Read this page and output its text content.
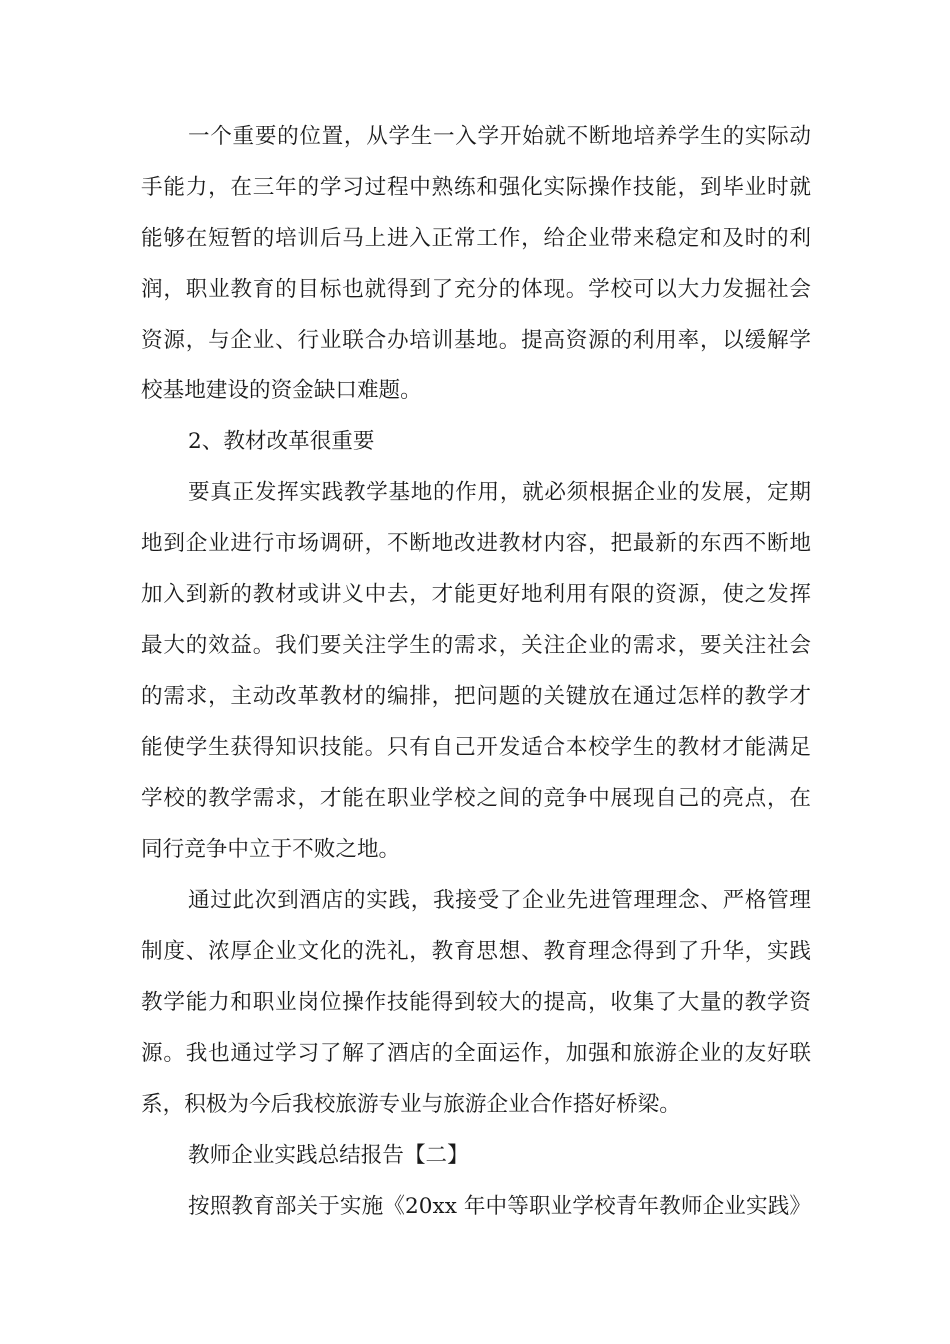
一个重要的位置，从学生一入学开始就不断地培养学生的实际动
手能力，在三年的学习过程中熟练和强化实际操作技能，到毕业时就
能够在短暂的培训后马上进入正常工作，给企业带来稳定和及时的利
润，职业教育的目标也就得到了充分的体现。学校可以大力发掘社会
资源，与企业、行业联合办培训基地。提高资源的利用率，以缓解学
校基地建设的资金缺口难题。
2、教材改革很重要
要真正发挥实践教学基地的作用，就必须根据企业的发展，定期
地到企业进行市场调研，不断地改进教材内容，把最新的东西不断地
加入到新的教材或讲义中去，才能更好地利用有限的资源，使之发挥
最大的效益。我们要关注学生的需求，关注企业的需求，要关注社会
的需求，主动改革教材的编排，把问题的关键放在通过怎样的教学才
能使学生获得知识技能。只有自己开发适合本校学生的教材才能满足
学校的教学需求，才能在职业学校之间的竞争中展现自己的亮点，在
同行竞争中立于不败之地。
通过此次到酒店的实践，我接受了企业先进管理理念、严格管理
制度、浓厚企业文化的洗礼，教育思想、教育理念得到了升华，实践
教学能力和职业岗位操作技能得到较大的提高，收集了大量的教学资
源。我也通过学习了解了酒店的全面运作，加强和旅游企业的友好联
系，积极为今后我校旅游专业与旅游企业合作搭好桥梁。
教师企业实践总结报告【二】
按照教育部关于实施《20xx 年中等职业学校青年教师企业实践》
